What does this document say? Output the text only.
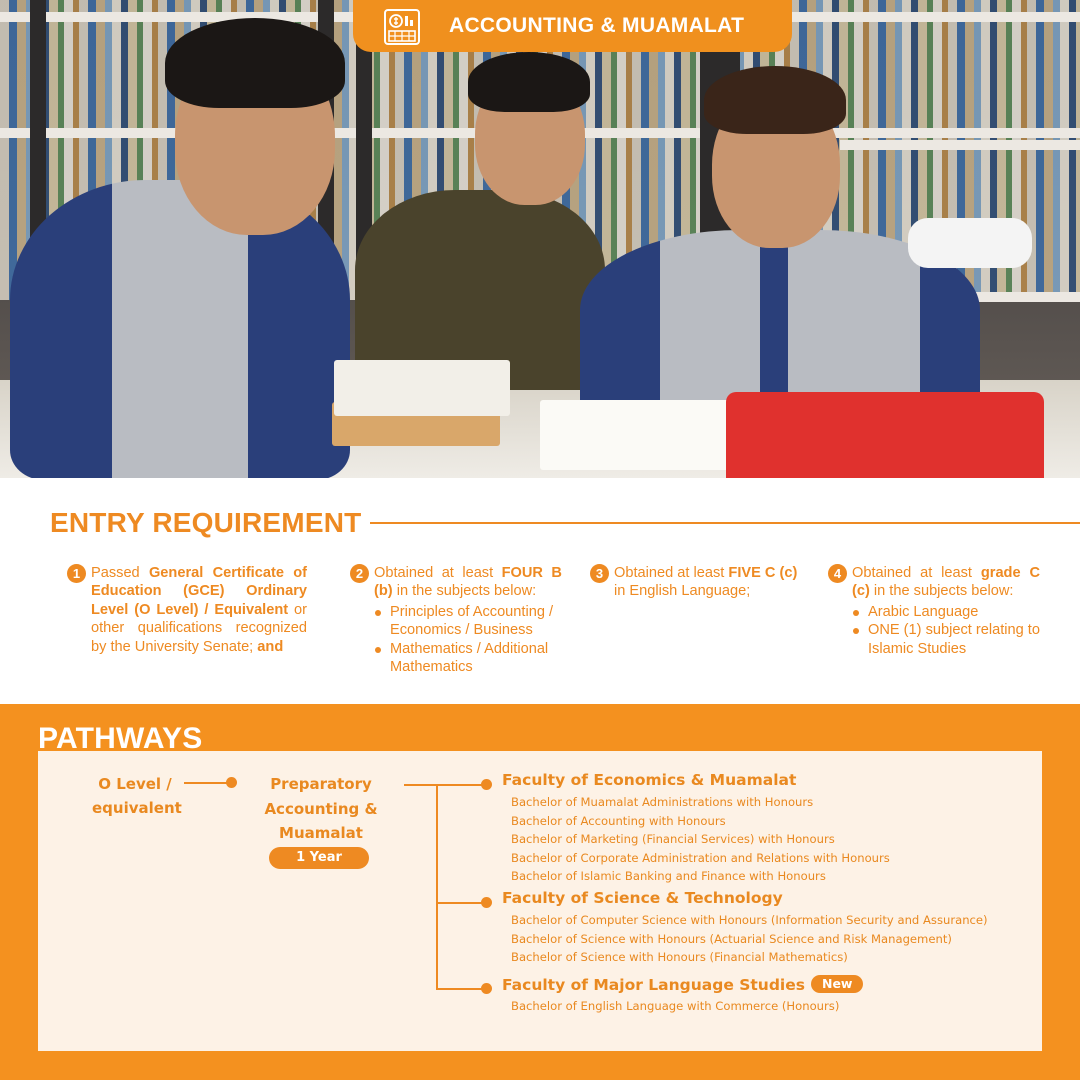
ACCOUNTING & MUAMALAT
ENTRY REQUIREMENT
1 Passed General Certificate of Education (GCE) Ordinary Level (O Level) / Equivalent or other qualifications recognized by the University Senate; and
2 Obtained at least FOUR B (b) in the subjects below:
Principles of Accounting / Economics / Business
Mathematics / Additional Mathematics
3 Obtained at least FIVE C (c) in English Language;
4 Obtained at least grade C (c) in the subjects below:
Arabic Language
ONE (1) subject relating to Islamic Studies
PATHWAYS
O Level / equivalent
Preparatory Accounting & Muamalat
1 Year
Faculty of Economics & Muamalat
Bachelor of Muamalat Administrations with Honours
Bachelor of Accounting with Honours
Bachelor of Marketing (Financial Services) with Honours
Bachelor of Corporate Administration and Relations with Honours
Bachelor of Islamic Banking and Finance with Honours
Faculty of Science & Technology
Bachelor of Computer Science with Honours (Information Security and Assurance)
Bachelor of Science with Honours (Actuarial Science and Risk Management)
Bachelor of Science with Honours (Financial Mathematics)
Faculty of Major Language Studies New
Bachelor of English Language with Commerce (Honours)
